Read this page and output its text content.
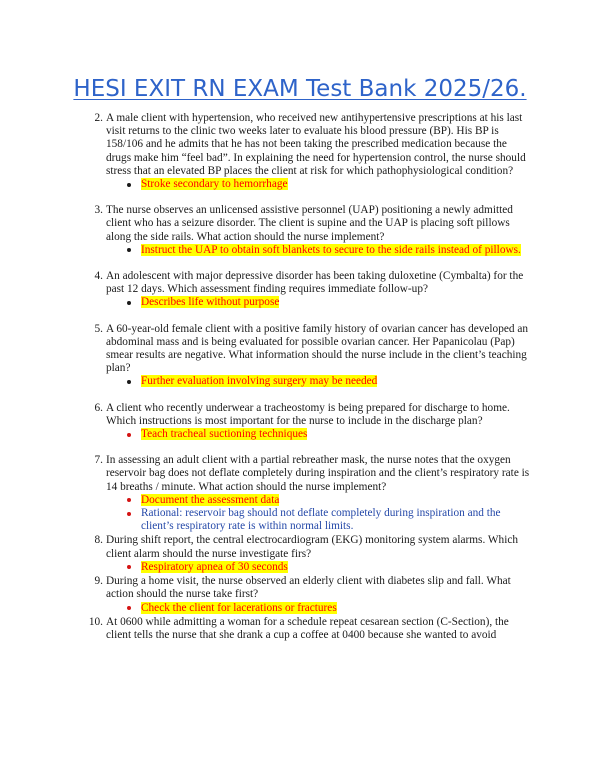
HESI EXIT RN EXAM Test Bank 2025/26.
2. A male client with hypertension, who received new antihypertensive prescriptions at his last visit returns to the clinic two weeks later to evaluate his blood pressure (BP). His BP is 158/106 and he admits that he has not been taking the prescribed medication because the drugs make him “feel bad”. In explaining the need for hypertension control, the nurse should stress that an elevated BP places the client at risk for which pathophysiological condition?
Stroke secondary to hemorrhage
3. The nurse observes an unlicensed assistive personnel (UAP) positioning a newly admitted client who has a seizure disorder. The client is supine and the UAP is placing soft pillows along the side rails. What action should the nurse implement?
Instruct the UAP to obtain soft blankets to secure to the side rails instead of pillows.
4. An adolescent with major depressive disorder has been taking duloxetine (Cymbalta) for the past 12 days. Which assessment finding requires immediate follow-up?
Describes life without purpose
5. A 60-year-old female client with a positive family history of ovarian cancer has developed an abdominal mass and is being evaluated for possible ovarian cancer. Her Papanicolau (Pap) smear results are negative. What information should the nurse include in the client’s teaching plan?
Further evaluation involving surgery may be needed
6. A client who recently underwear a tracheostomy is being prepared for discharge to home. Which instructions is most important for the nurse to include in the discharge plan?
Teach tracheal suctioning techniques
7. In assessing an adult client with a partial rebreather mask, the nurse notes that the oxygen reservoir bag does not deflate completely during inspiration and the client’s respiratory rate is 14 breaths / minute. What action should the nurse implement?
Document the assessment data
Rational: reservoir bag should not deflate completely during inspiration and the client’s respiratory rate is within normal limits.
8. During shift report, the central electrocardiogram (EKG) monitoring system alarms. Which client alarm should the nurse investigate firs?
Respiratory apnea of 30 seconds
9. During a home visit, the nurse observed an elderly client with diabetes slip and fall. What action should the nurse take first?
Check the client for lacerations or fractures
10. At 0600 while admitting a woman for a schedule repeat cesarean section (C-Section), the client tells the nurse that she drank a cup a coffee at 0400 because she wanted to avoid
